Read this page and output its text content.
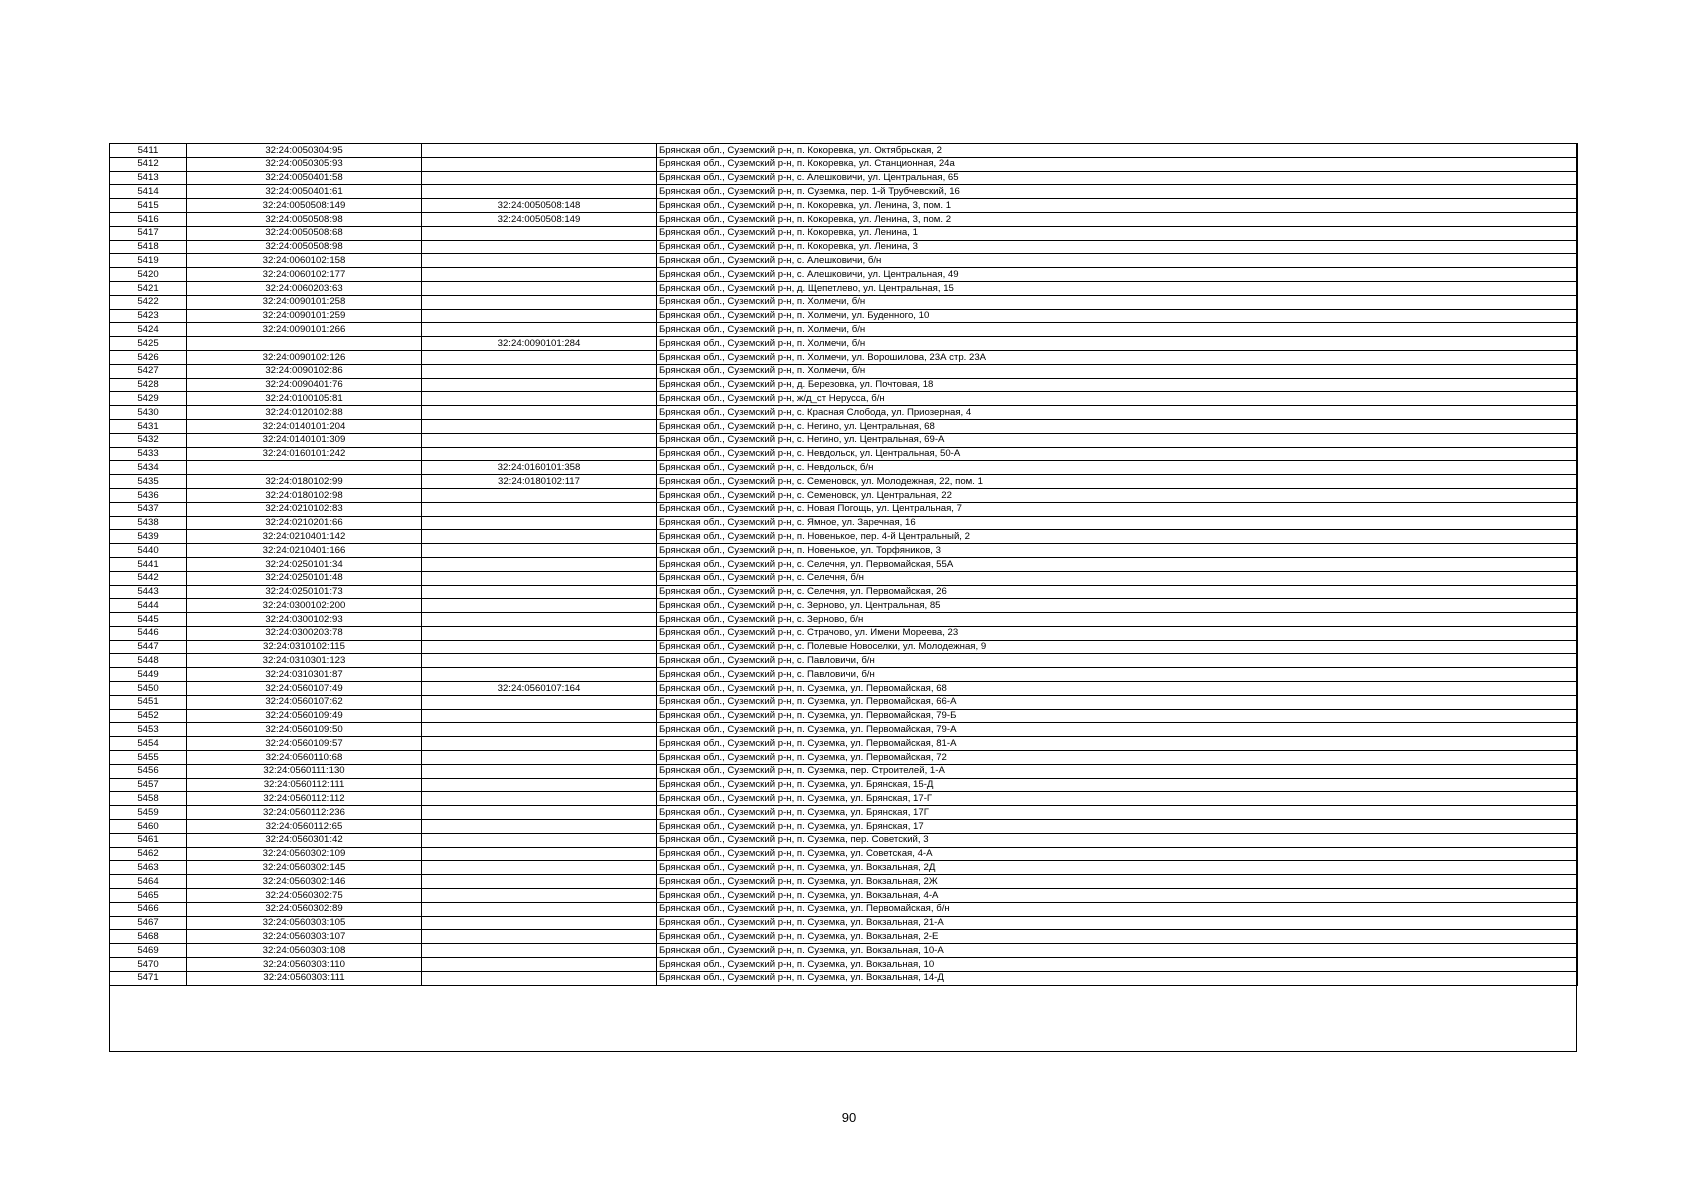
5411	32:24:0050304:95		Брянская обл., Суземский р-н, п. Кокоревка, ул. Октябрьская, 2
5412	32:24:0050305:93		Брянская обл., Суземский р-н, п. Кокоревка, ул. Станционная, 24а
5413	32:24:0050401:58		Брянская обл., Суземский р-н, с. Алешковичи, ул. Центральная, 65
5414	32:24:0050401:61		Брянская обл., Суземский р-н, п. Суземка, пер. 1-й Трубчевский, 16
5415	32:24:0050508:149	32:24:0050508:148	Брянская обл., Суземский р-н, п. Кокоревка, ул. Ленина, 3, пом. 1
5416	32:24:0050508:98	32:24:0050508:149	Брянская обл., Суземский р-н, п. Кокоревка, ул. Ленина, 3, пом. 2
5417	32:24:0050508:68		Брянская обл., Суземский р-н, п. Кокоревка, ул. Ленина, 1
5418	32:24:0050508:98		Брянская обл., Суземский р-н, п. Кокоревка, ул. Ленина, 3
5419	32:24:0060102:158		Брянская обл., Суземский р-н, с. Алешковичи, б/н
5420	32:24:0060102:177		Брянская обл., Суземский р-н, с. Алешковичи, ул. Центральная, 49
5421	32:24:0060203:63		Брянская обл., Суземский р-н, д. Щепетлево, ул. Центральная, 15
5422	32:24:0090101:258		Брянская обл., Суземский р-н, п. Холмечи, б/н
5423	32:24:0090101:259		Брянская обл., Суземский р-н, п. Холмечи, ул. Буденного, 10
5424	32:24:0090101:266		Брянская обл., Суземский р-н, п. Холмечи, б/н
5425		32:24:0090101:284	Брянская обл., Суземский р-н, п. Холмечи, б/н
5426	32:24:0090102:126		Брянская обл., Суземский р-н, п. Холмечи, ул. Ворошилова, 23А стр. 23А
5427	32:24:0090102:86		Брянская обл., Суземский р-н, п. Холмечи, б/н
5428	32:24:0090401:76		Брянская обл., Суземский р-н, д. Березовка, ул. Почтовая, 18
5429	32:24:0100105:81		Брянская обл., Суземский р-н, ж/д_ст Нерусса, б/н
5430	32:24:0120102:88		Брянская обл., Суземский р-н, с. Красная Слобода, ул. Приозерная, 4
5431	32:24:0140101:204		Брянская обл., Суземский р-н, с. Негино, ул. Центральная, 68
5432	32:24:0140101:309		Брянская обл., Суземский р-н, с. Негино, ул. Центральная, 69-А
5433	32:24:0160101:242		Брянская обл., Суземский р-н, с. Невдольск, ул. Центральная, 50-А
5434		32:24:0160101:358	Брянская обл., Суземский р-н, с. Невдольск, б/н
5435	32:24:0180102:99	32:24:0180102:117	Брянская обл., Суземский р-н, с. Семеновск, ул. Молодежная, 22, пом. 1
5436	32:24:0180102:98		Брянская обл., Суземский р-н, с. Семеновск, ул. Центральная, 22
5437	32:24:0210102:83		Брянская обл., Суземский р-н, с. Новая Погощь, ул. Центральная, 7
5438	32:24:0210201:66		Брянская обл., Суземский р-н, с. Ямное, ул. Заречная, 16
5439	32:24:0210401:142		Брянская обл., Суземский р-н, п. Новенькое, пер. 4-й Центральный, 2
5440	32:24:0210401:166		Брянская обл., Суземский р-н, п. Новенькое, ул. Торфяников, 3
5441	32:24:0250101:34		Брянская обл., Суземский р-н, с. Селечня, ул. Первомайская, 55А
5442	32:24:0250101:48		Брянская обл., Суземский р-н, с. Селечня, б/н
5443	32:24:0250101:73		Брянская обл., Суземский р-н, с. Селечня, ул. Первомайская, 26
5444	32:24:0300102:200		Брянская обл., Суземский р-н, с. Зерново, ул. Центральная, 85
5445	32:24:0300102:93		Брянская обл., Суземский р-н, с. Зерново, б/н
5446	32:24:0300203:78		Брянская обл., Суземский р-н, с. Страчово, ул. Имени Мореева, 23
5447	32:24:0310102:115		Брянская обл., Суземский р-н, с. Полевые Новоселки, ул. Молодежная, 9
5448	32:24:0310301:123		Брянская обл., Суземский р-н, с. Павловичи, б/н
5449	32:24:0310301:87		Брянская обл., Суземский р-н, с. Павловичи, б/н
5450	32:24:0560107:49	32:24:0560107:164	Брянская обл., Суземский р-н, п. Суземка, ул. Первомайская, 68
5451	32:24:0560107:62		Брянская обл., Суземский р-н, п. Суземка, ул. Первомайская, 66-А
5452	32:24:0560109:49		Брянская обл., Суземский р-н, п. Суземка, ул. Первомайская, 79-Б
5453	32:24:0560109:50		Брянская обл., Суземский р-н, п. Суземка, ул. Первомайская, 79-А
5454	32:24:0560109:57		Брянская обл., Суземский р-н, п. Суземка, ул. Первомайская, 81-А
5455	32:24:0560110:68		Брянская обл., Суземский р-н, п. Суземка, ул. Первомайская, 72
5456	32:24:0560111:130		Брянская обл., Суземский р-н, п. Суземка, пер. Строителей, 1-А
5457	32:24:0560112:111		Брянская обл., Суземский р-н, п. Суземка, ул. Брянская, 15-Д
5458	32:24:0560112:112		Брянская обл., Суземский р-н, п. Суземка, ул. Брянская, 17-Г
5459	32:24:0560112:236		Брянская обл., Суземский р-н, п. Суземка, ул. Брянская, 17Г
5460	32:24:0560112:65		Брянская обл., Суземский р-н, п. Суземка, ул. Брянская, 17
5461	32:24:0560301:42		Брянская обл., Суземский р-н, п. Суземка, пер. Советский, 3
5462	32:24:0560302:109		Брянская обл., Суземский р-н, п. Суземка, ул. Советская, 4-А
5463	32:24:0560302:145		Брянская обл., Суземский р-н, п. Суземка, ул. Вокзальная, 2Д
5464	32:24:0560302:146		Брянская обл., Суземский р-н, п. Суземка, ул. Вокзальная, 2Ж
5465	32:24:0560302:75		Брянская обл., Суземский р-н, п. Суземка, ул. Вокзальная, 4-А
5466	32:24:0560302:89		Брянская обл., Суземский р-н, п. Суземка, ул. Первомайская, б/н
5467	32:24:0560303:105		Брянская обл., Суземский р-н, п. Суземка, ул. Вокзальная, 21-А
5468	32:24:0560303:107		Брянская обл., Суземский р-н, п. Суземка, ул. Вокзальная, 2-Е
5469	32:24:0560303:108		Брянская обл., Суземский р-н, п. Суземка, ул. Вокзальная, 10-А
5470	32:24:0560303:110		Брянская обл., Суземский р-н, п. Суземка, ул. Вокзальная, 10
5471	32:24:0560303:111		Брянская обл., Суземский р-н, п. Суземка, ул. Вокзальная, 14-Д
90
